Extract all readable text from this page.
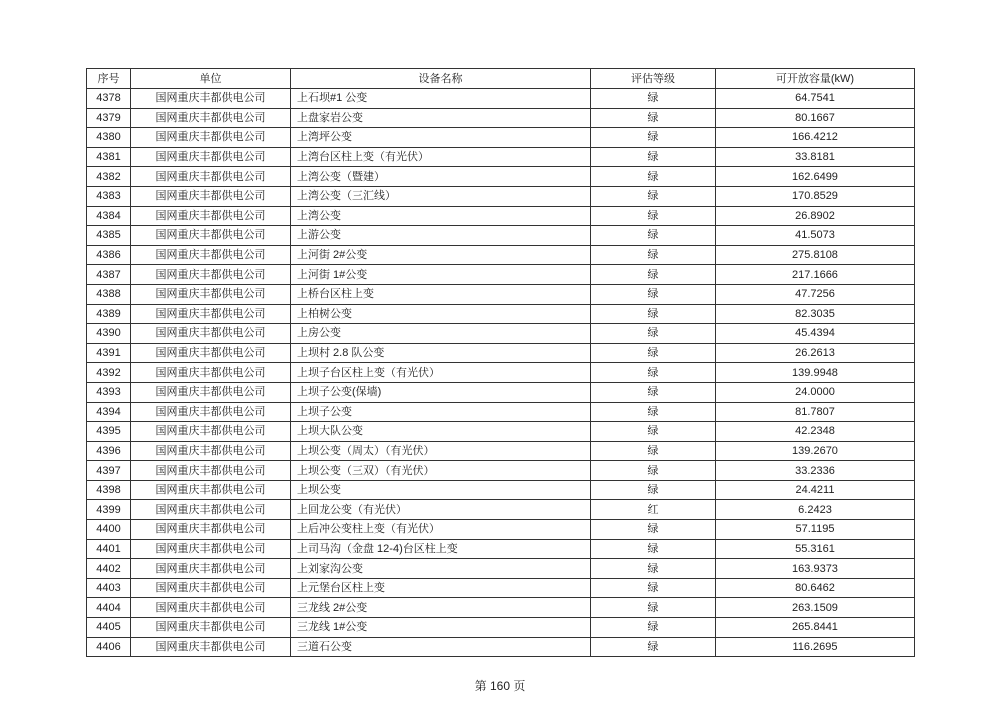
序号	单位	设备名称	评估等级	可开放容量(kW)
4378	国网重庆丰都供电公司	上石坝#1 公变	绿	64.7541
4379	国网重庆丰都供电公司	上盘家岩公变	绿	80.1667
4380	国网重庆丰都供电公司	上湾坪公变	绿	166.4212
4381	国网重庆丰都供电公司	上湾台区柱上变（有光伏）	绿	33.8181
4382	国网重庆丰都供电公司	上湾公变（暨建）	绿	162.6499
4383	国网重庆丰都供电公司	上湾公变（三汇线）	绿	170.8529
4384	国网重庆丰都供电公司	上湾公变	绿	26.8902
4385	国网重庆丰都供电公司	上游公变	绿	41.5073
4386	国网重庆丰都供电公司	上河街 2#公变	绿	275.8108
4387	国网重庆丰都供电公司	上河街 1#公变	绿	217.1666
4388	国网重庆丰都供电公司	上桥台区柱上变	绿	47.7256
4389	国网重庆丰都供电公司	上柏树公变	绿	82.3035
4390	国网重庆丰都供电公司	上房公变	绿	45.4394
4391	国网重庆丰都供电公司	上坝村 2.8 队公变	绿	26.2613
4392	国网重庆丰都供电公司	上坝子台区柱上变（有光伏）	绿	139.9948
4393	国网重庆丰都供电公司	上坝子公变(保墙)	绿	24.0000
4394	国网重庆丰都供电公司	上坝子公变	绿	81.7807
4395	国网重庆丰都供电公司	上坝大队公变	绿	42.2348
4396	国网重庆丰都供电公司	上坝公变（周太）（有光伏）	绿	139.2670
4397	国网重庆丰都供电公司	上坝公变（三双）（有光伏）	绿	33.2336
4398	国网重庆丰都供电公司	上坝公变	绿	24.4211
4399	国网重庆丰都供电公司	上回龙公变（有光伏）	红	6.2423
4400	国网重庆丰都供电公司	上后冲公变柱上变（有光伏）	绿	57.1195
4401	国网重庆丰都供电公司	上司马沟（金盘 12-4)台区柱上变	绿	55.3161
4402	国网重庆丰都供电公司	上刘家沟公变	绿	163.9373
4403	国网重庆丰都供电公司	上元堡台区柱上变	绿	80.6462
4404	国网重庆丰都供电公司	三龙线 2#公变	绿	263.1509
4405	国网重庆丰都供电公司	三龙线 1#公变	绿	265.8441
4406	国网重庆丰都供电公司	三道石公变	绿	116.2695
第 160 页
